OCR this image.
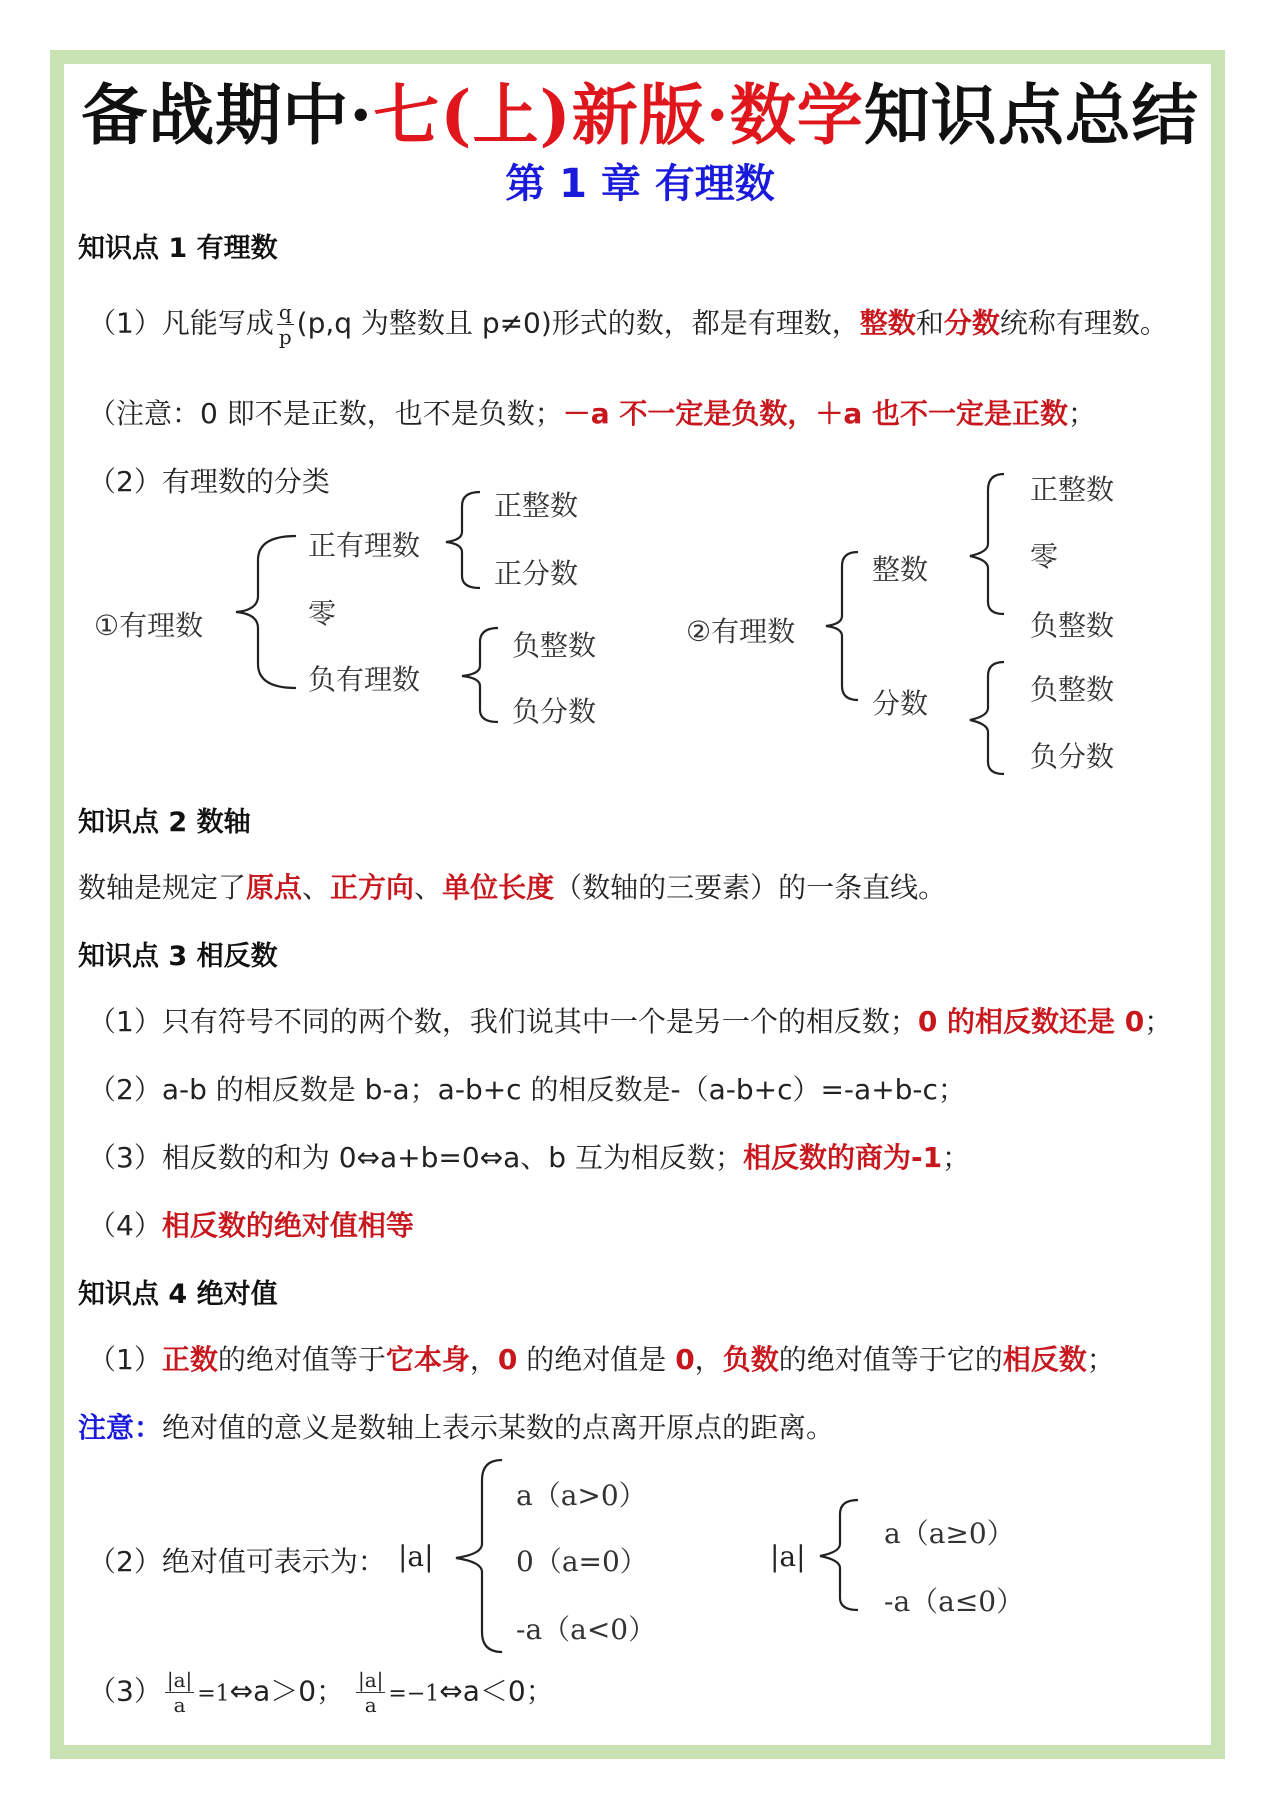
备战期中·七(上)新版·数学知识点总结
第 1 章 有理数
知识点 1 有理数
（1）凡能写成 $\frac{q}{p} (p,q$ 为整数且 p≠0)形式的数，都是有理数，整数和分数统称有理数。
（注意：0 即不是正数，也不是负数；－a 不一定是负数，＋a 也不一定是正数；
（2）有理数的分类
①有理数
正有理数
零
负有理数
正整数
正分数
负整数
负分数
②有理数
整数
分数
正整数
零
负整数
负整数
负分数
知识点 2 数轴
数轴是规定了原点、正方向、单位长度（数轴的三要素）的一条直线。
知识点 3 相反数
（1）只有符号不同的两个数，我们说其中一个是另一个的相反数；0 的相反数还是 0；
（2）a-b 的相反数是 b-a；a-b+c 的相反数是-（a-b+c）=-a+b-c；
（3）相反数的和为 0⇔a+b=0⇔a、b 互为相反数；相反数的商为-1；
（4）相反数的绝对值相等
知识点 4 绝对值
（1）正数的绝对值等于它本身，0 的绝对值是 0，负数的绝对值等于它的相反数；
注意：绝对值的意义是数轴上表示某数的点离开原点的距离。
（2）绝对值可表示为： |a|
a（a>0）
0（a=0）
-a（a<0）
|a|
a（a≥0）
-a（a≤0）
$(3) \frac{|a|}{a}$ =1⇔a＞0； $\frac{|a|}{a}$ =−1⇔a＜0；
